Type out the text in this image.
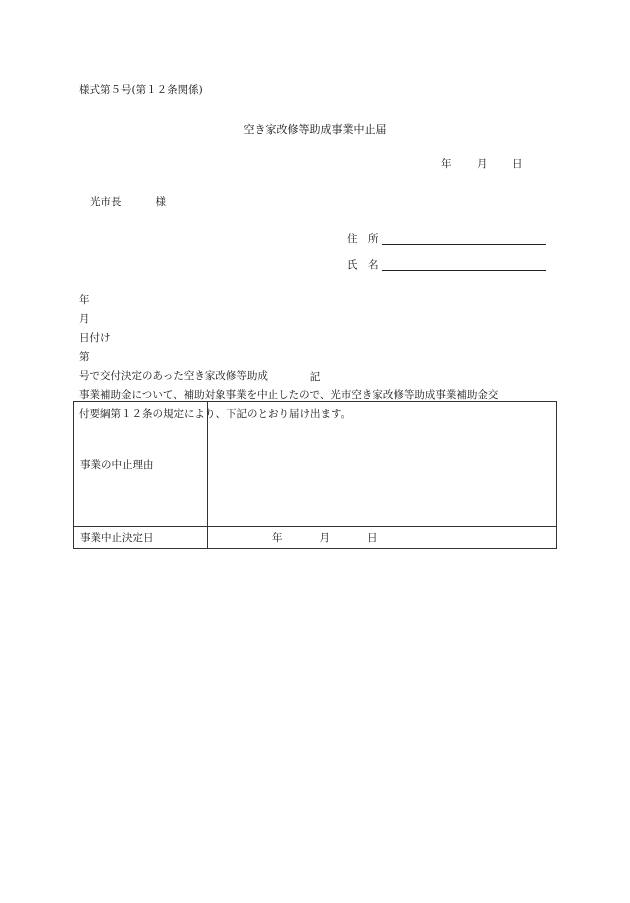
様式第５号(第１２条関係)
空き家改修等助成事業中止届
年 月 日
光市長	様
住　所
氏　名
年
月
日付け
第
号で交付決定のあった空き家改修等助成
事業補助金について、補助対象事業を中止したので、光市空き家改修等助成事業補助金交
付要綱第１２条の規定により、下記のとおり届け出ます。
記
事業の中止理由	
事業中止決定日	年 月 日
